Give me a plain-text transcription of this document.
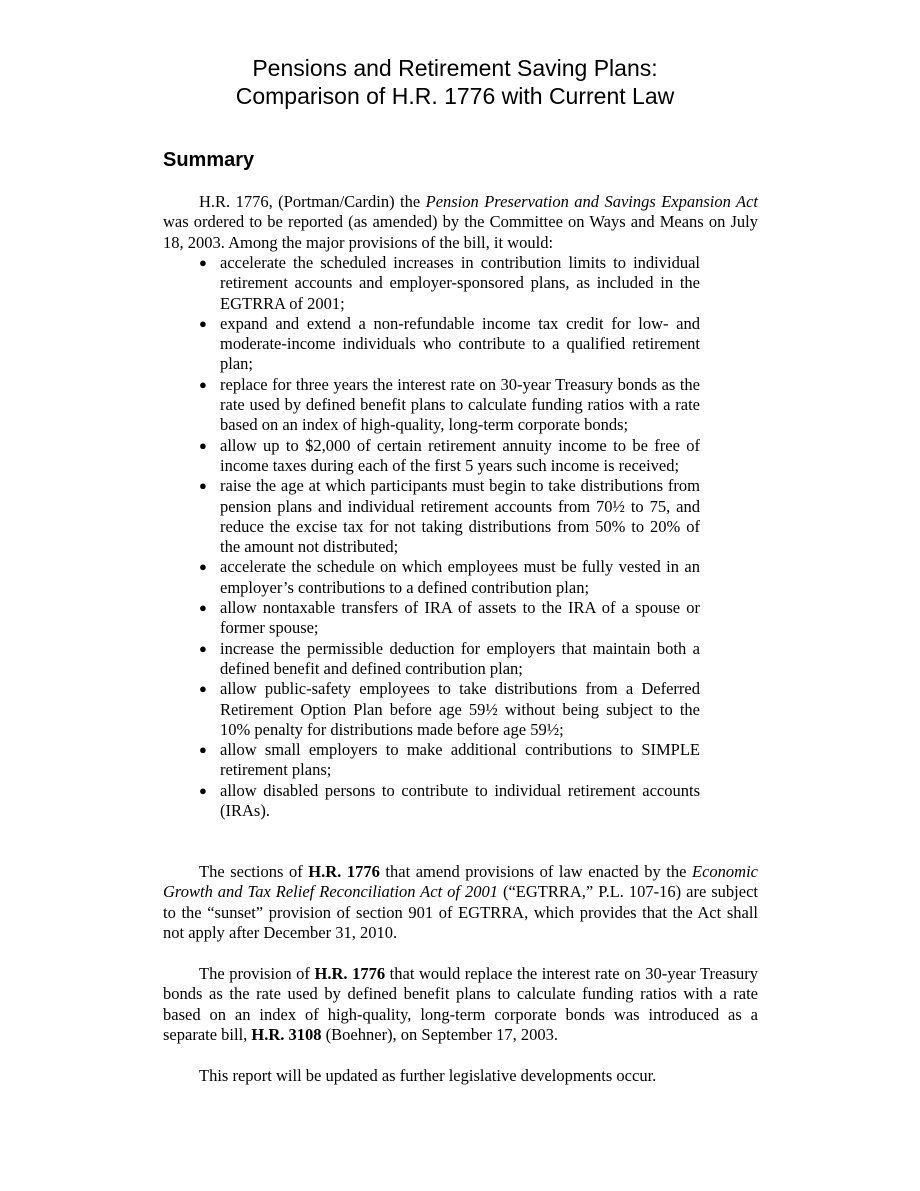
Pensions and Retirement Saving Plans:
Comparison of H.R. 1776 with Current Law
Summary

H.R. 1776, (Portman/Cardin) the Pension Preservation and Savings Expansion Act was ordered to be reported (as amended) by the Committee on Ways and Means on July 18, 2003. Among the major provisions of the bill, it would:

● accelerate the scheduled increases in contribution limits to individual retirement accounts and employer-sponsored plans, as included in the EGTRRA of 2001;
● expand and extend a non-refundable income tax credit for low- and moderate-income individuals who contribute to a qualified retirement plan;
● replace for three years the interest rate on 30-year Treasury bonds as the rate used by defined benefit plans to calculate funding ratios with a rate based on an index of high-quality, long-term corporate bonds;
● allow up to $2,000 of certain retirement annuity income to be free of income taxes during each of the first 5 years such income is received;
● raise the age at which participants must begin to take distributions from pension plans and individual retirement accounts from 70½ to 75, and reduce the excise tax for not taking distributions from 50% to 20% of the amount not distributed;
● accelerate the schedule on which employees must be fully vested in an employer’s contributions to a defined contribution plan;
● allow nontaxable transfers of IRA of assets to the IRA of a spouse or former spouse;
● increase the permissible deduction for employers that maintain both a defined benefit and defined contribution plan;
● allow public-safety employees to take distributions from a Deferred Retirement Option Plan before age 59½ without being subject to the 10% penalty for distributions made before age 59½;
● allow small employers to make additional contributions to SIMPLE retirement plans;
● allow disabled persons to contribute to individual retirement accounts (IRAs).

The sections of H.R. 1776 that amend provisions of law enacted by the Economic Growth and Tax Relief Reconciliation Act of 2001 (“EGTRRA,” P.L. 107-16) are subject to the “sunset” provision of section 901 of EGTRRA, which provides that the Act shall not apply after December 31, 2010.

The provision of H.R. 1776 that would replace the interest rate on 30-year Treasury bonds as the rate used by defined benefit plans to calculate funding ratios with a rate based on an index of high-quality, long-term corporate bonds was introduced as a separate bill, H.R. 3108 (Boehner), on September 17, 2003.

This report will be updated as further legislative developments occur.
